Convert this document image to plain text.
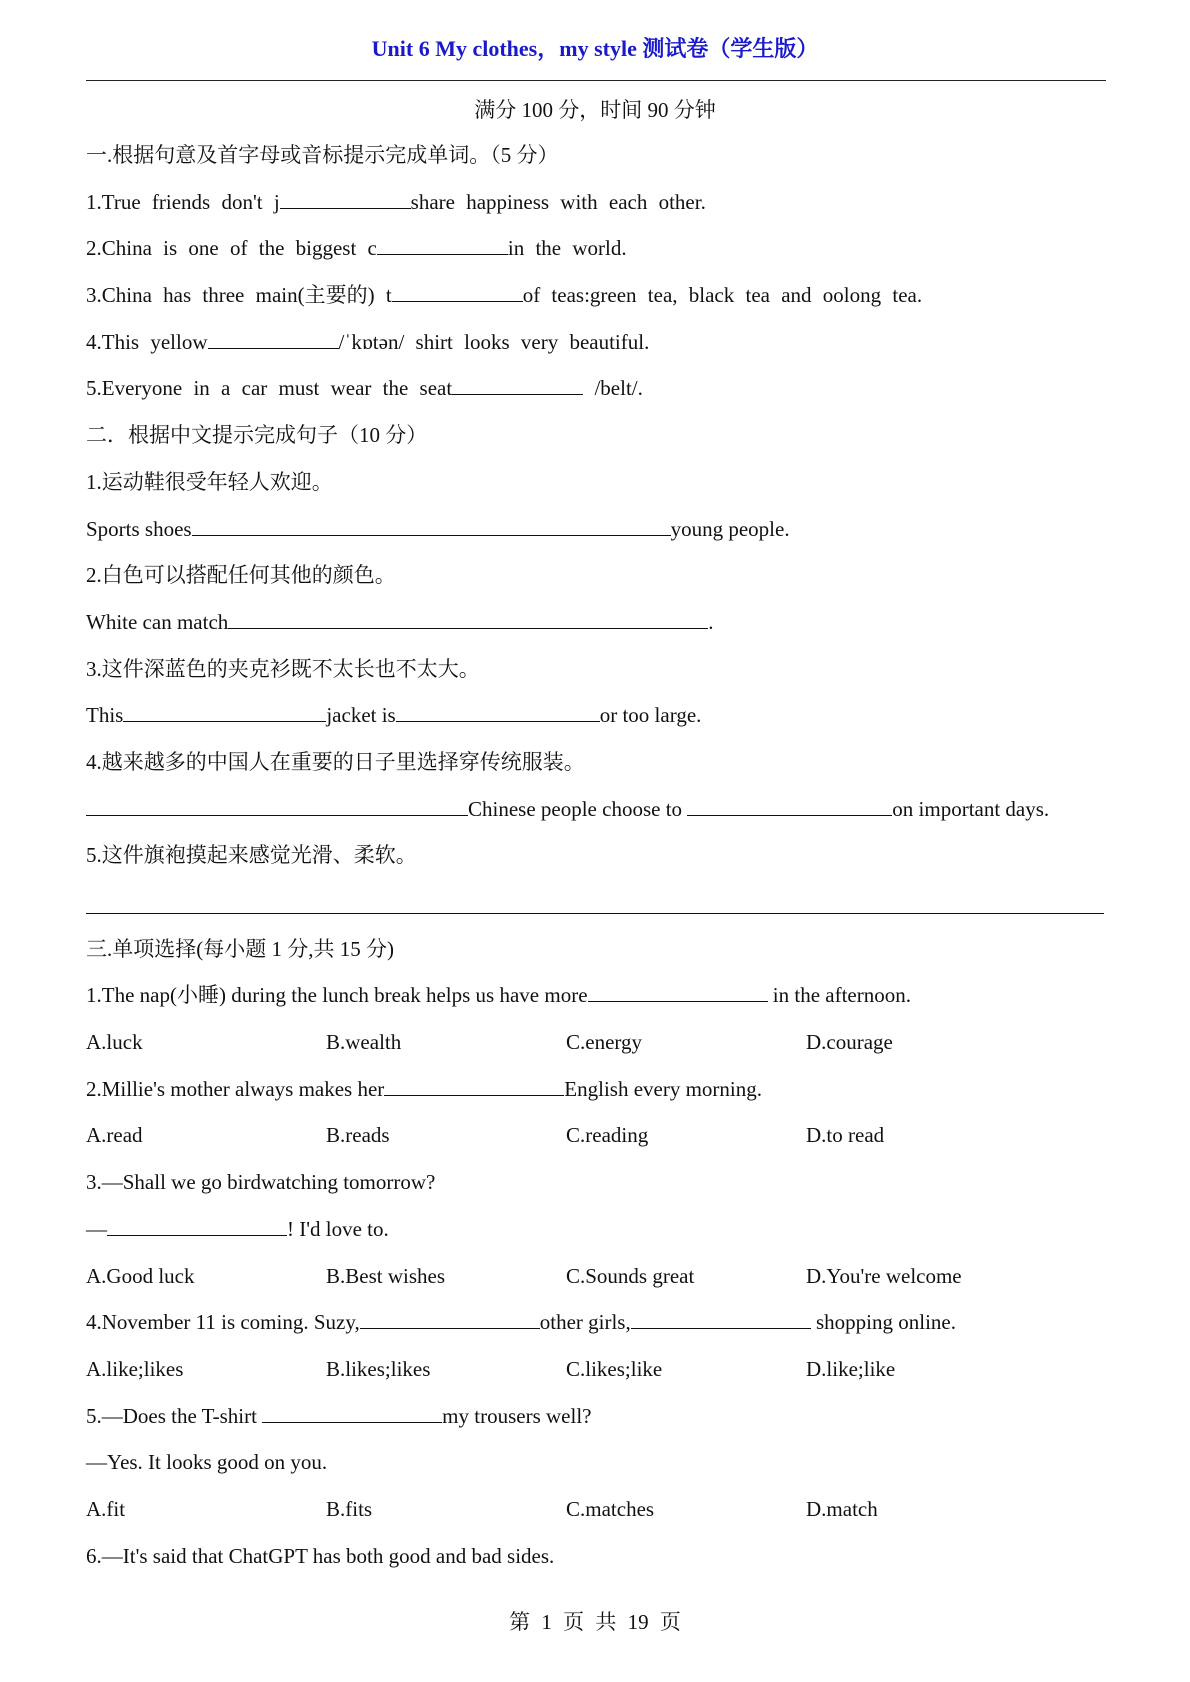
Unit 6 My clothes，my style 测试卷（学生版）
满分 100 分，时间 90 分钟
一.根据句意及首字母或音标提示完成单词。（5 分）
1.True friends don't j	share happiness with each other.
2.China is one of the biggest c	in the world.
3.China has three main(主要的) t	of teas:green tea, black tea and oolong tea.
4.This yellow	/ˈkɒtən/ shirt looks very beautiful.
5.Everyone in a car must wear the seat	/belt/.
二．根据中文提示完成句子（10 分）
1.运动鞋很受年轻人欢迎。
Sports shoes	young people.
2.白色可以搭配任何其他的颜色。
White can match	.
3.这件深蓝色的夹克衫既不太长也不太大。
This	jacket is	or too large.
4.越来越多的中国人在重要的日子里选择穿传统服装。
Chinese people choose to	on important days.
5.这件旗袍摸起来感觉光滑、柔软。
三.单项选择(每小题 1 分,共 15 分)
1.The nap(小睡) during the lunch break helps us have more	in the afternoon.
A.luck	B.wealth	C.energy	D.courage
2.Millie's mother always makes her	English every morning.
A.read	B.reads	C.reading	D.to read
3.—Shall we go birdwatching tomorrow?
—	! I'd love to.
A.Good luck	B.Best wishes	C.Sounds great	D.You're welcome
4.November 11 is coming. Suzy,	other girls,	shopping online.
A.like;likes	B.likes;likes	C.likes;like	D.like;like
5.—Does the T-shirt	my trousers well?
—Yes. It looks good on you.
A.fit	B.fits	C.matches	D.match
6.—It's said that ChatGPT has both good and bad sides.
第 1 页 共 19 页
